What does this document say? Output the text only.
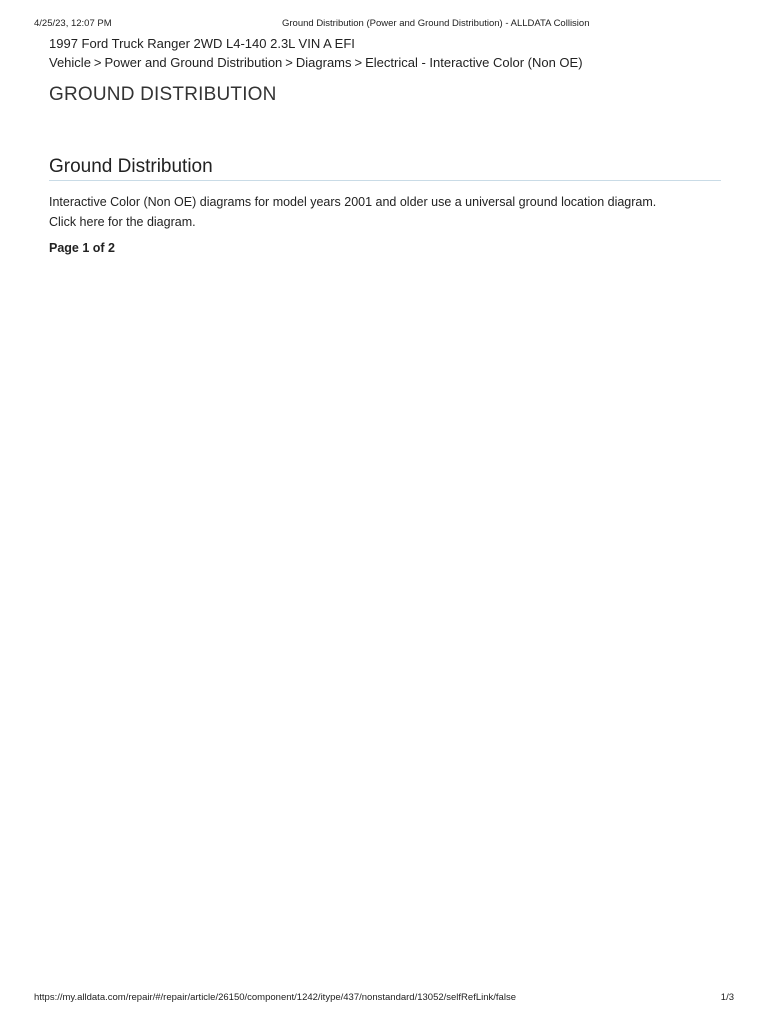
4/25/23, 12:07 PM	Ground Distribution (Power and Ground Distribution) - ALLDATA Collision
1997 Ford Truck Ranger 2WD L4-140 2.3L VIN A EFI
Vehicle > Power and Ground Distribution > Diagrams > Electrical - Interactive Color (Non OE)
GROUND DISTRIBUTION
Ground Distribution
Interactive Color (Non OE) diagrams for model years 2001 and older use a universal ground location diagram.
Click here for the diagram.
Page 1 of 2
https://my.alldata.com/repair/#/repair/article/26150/component/1242/itype/437/nonstandard/13052/selfRefLink/false	1/3
